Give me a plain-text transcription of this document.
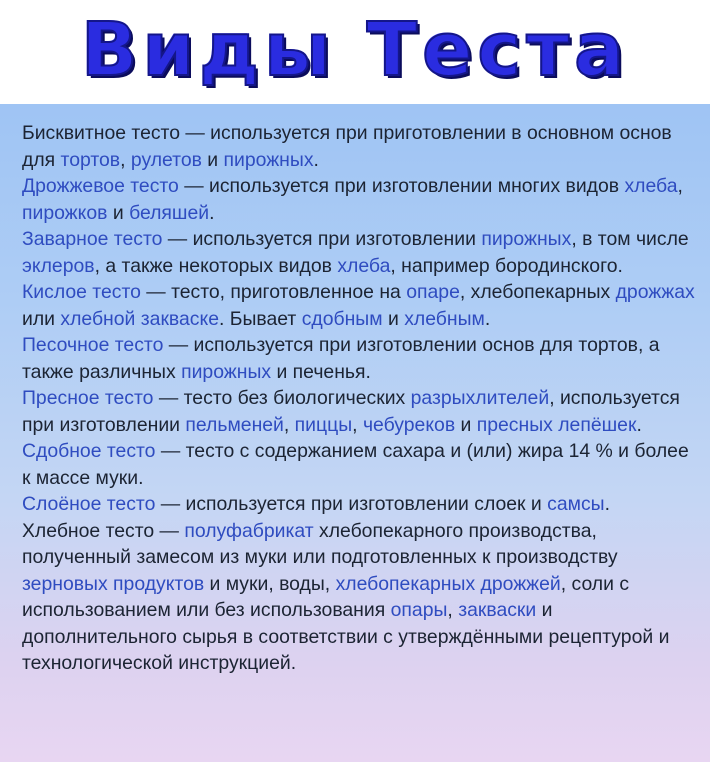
Виды Теста
Бисквитное тесто — используется при приготовлении в основном основ для тортов, рулетов и пирожных.
Дрожжевое тесто — используется при изготовлении многих видов хлеба, пирожков и беляшей.
Заварное тесто — используется при изготовлении пирожных, в том числе эклеров, а также некоторых видов хлеба, например бородинского.
Кислое тесто — тесто, приготовленное на опаре, хлебопекарных дрожжах или хлебной закваске. Бывает сдобным и хлебным.
Песочное тесто — используется при изготовлении основ для тортов, а также различных пирожных и печенья.
Пресное тесто — тесто без биологических разрыхлителей, используется при изготовлении пельменей, пиццы, чебуреков и пресных лепёшек.
Сдобное тесто — тесто с содержанием сахара и (или) жира 14 % и более к массе муки.
Слоёное тесто — используется при изготовлении слоек и самсы.
Хлебное тесто — полуфабрикат хлебопекарного производства, полученный замесом из муки или подготовленных к производству зерновых продуктов и муки, воды, хлебопекарных дрожжей, соли с использованием или без использования опары, закваски и дополнительного сырья в соответствии с утверждёнными рецептурой и технологической инструкцией.
